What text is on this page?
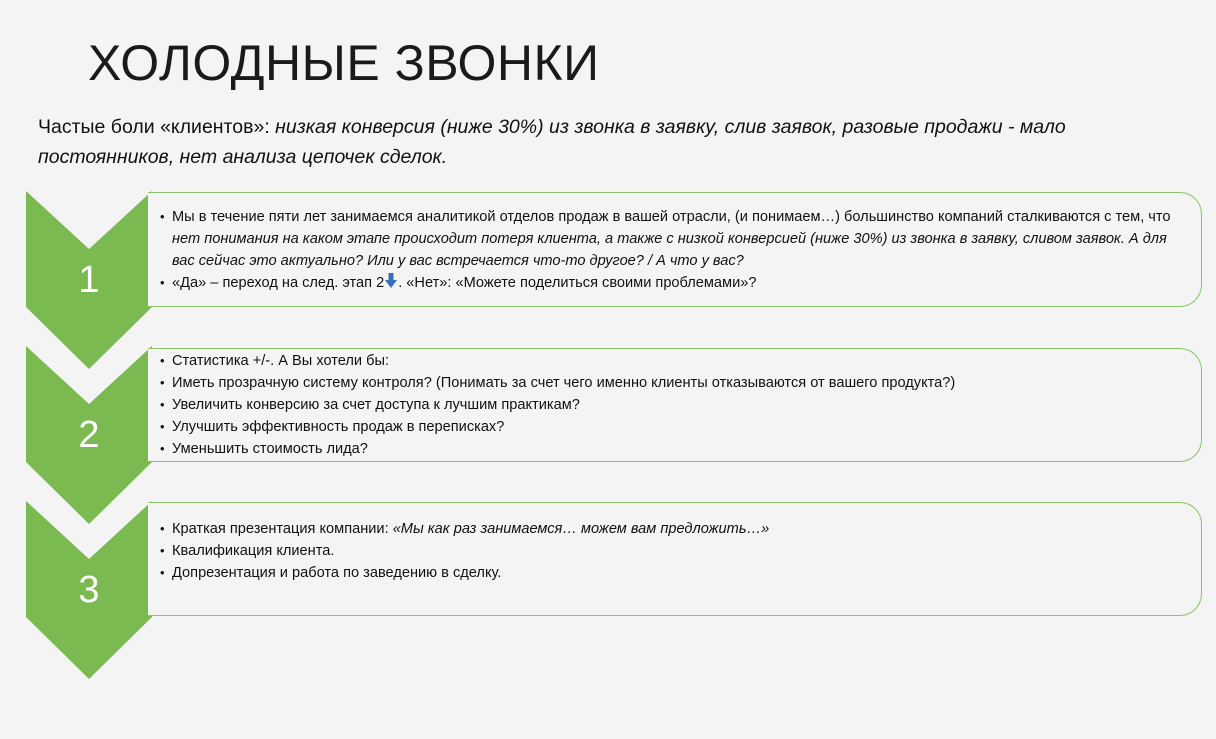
ХОЛОДНЫЕ ЗВОНКИ
Частые боли «клиентов»: низкая конверсия (ниже 30%) из звонка в заявку, слив заявок, разовые продажи - мало постоянников, нет анализа цепочек сделок.
1
• Мы в течение пяти лет занимаемся аналитикой отделов продаж в вашей отрасли, (и понимаем…) большинство компаний сталкиваются с тем, что нет понимания на каком этапе происходит потеря клиента, а также с низкой конверсией (ниже 30%) из звонка в заявку, сливом заявок. А для вас сейчас это актуально? Или у вас встречается что-то другое? / А что у вас?
• «Да» – переход на след. этап 2 . «Нет»: «Можете поделиться своими проблемами»?
2
• Статистика +/-. А Вы хотели бы:
• Иметь прозрачную систему контроля? (Понимать за счет чего именно клиенты отказываются от вашего продукта?)
• Увеличить конверсию за счет доступа к лучшим практикам?
• Улучшить эффективность продаж в переписках?
• Уменьшить стоимость лида?
3
• Краткая презентация компании: «Мы как раз занимаемся… можем вам предложить…»
• Квалификация клиента.
• Допрезентация и работа по заведению в сделку.
